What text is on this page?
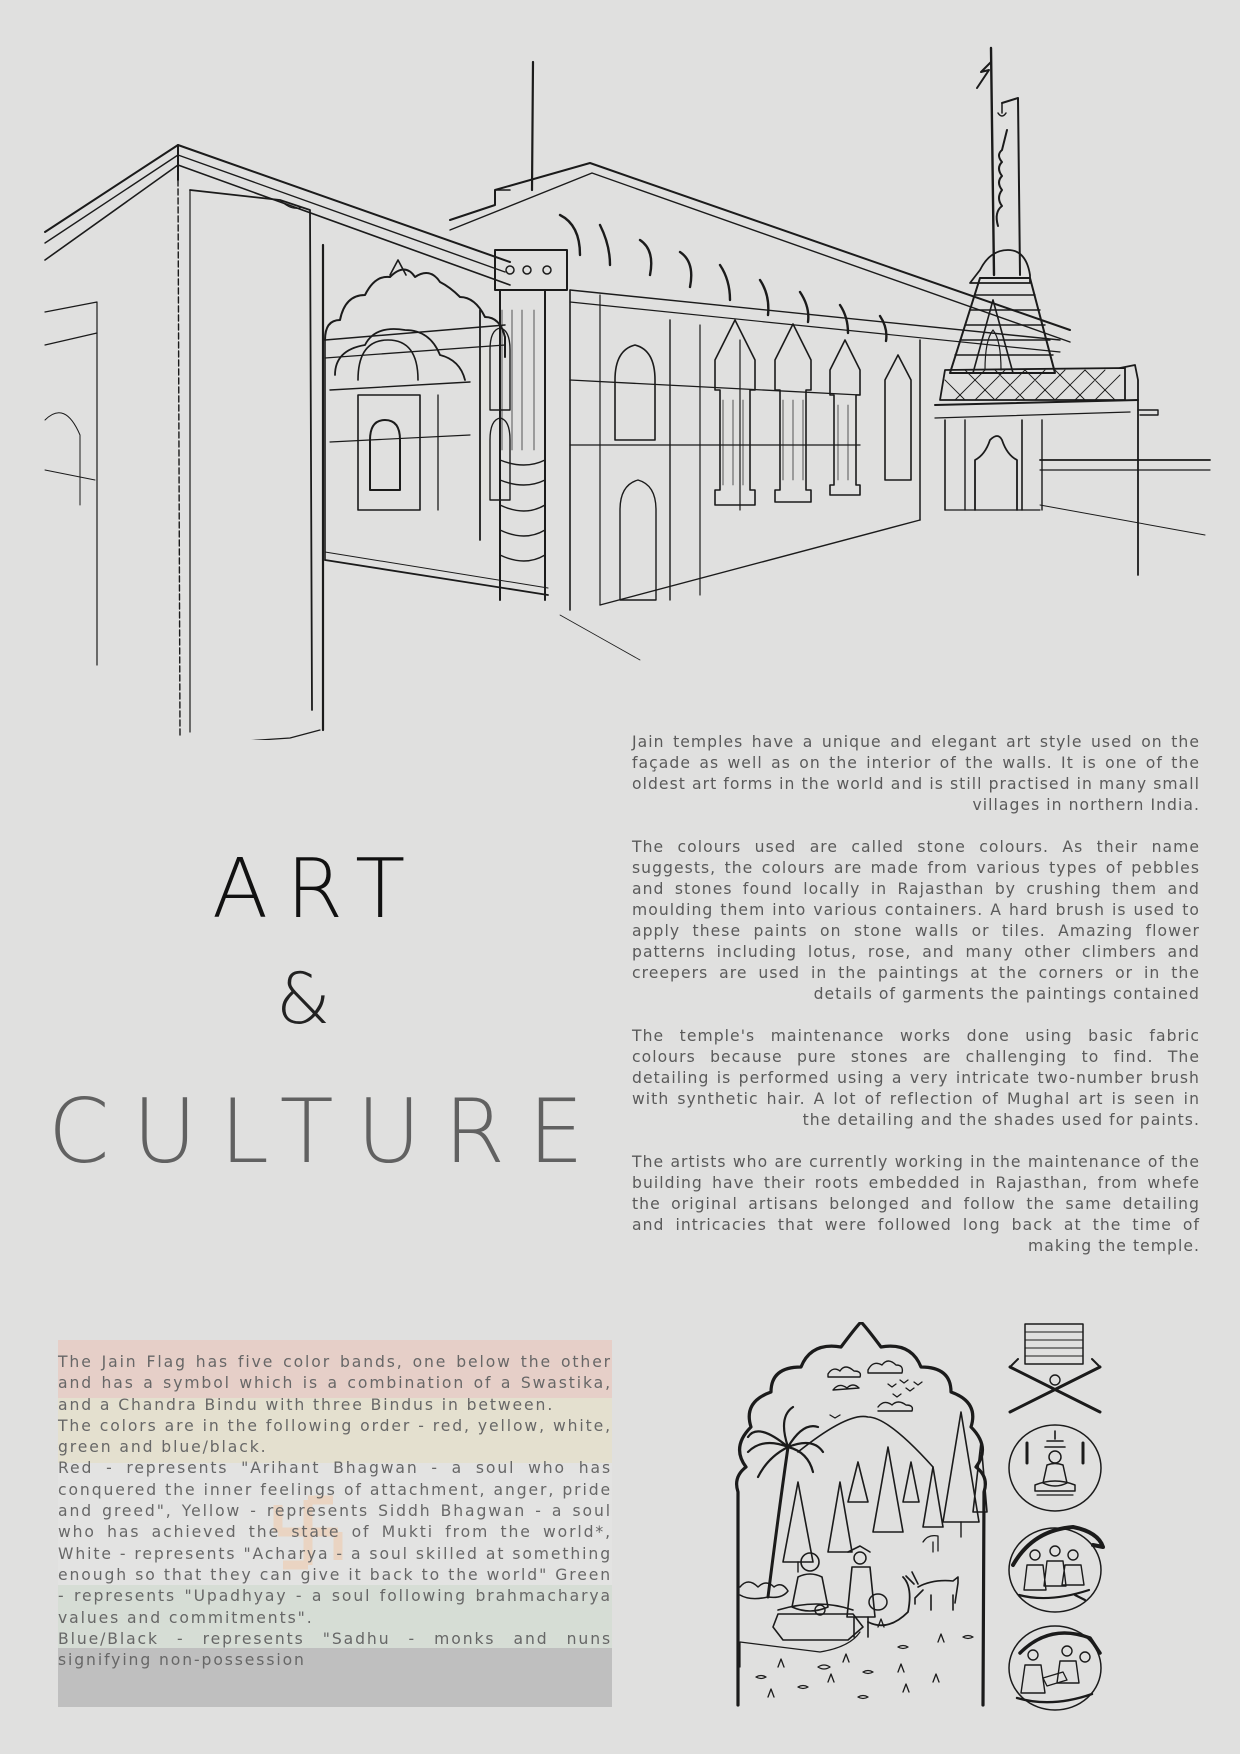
Jain temples have a unique and elegant art style used on the façade as well as on the interior of the walls. It is one of the oldest art forms in the world and is still practised in many small villages in northern India.

The colours used are called stone colours. As their name suggests, the colours are made from various types of pebbles and stones found locally in Rajasthan by crushing them and moulding them into various containers. A hard brush is used to apply these paints on stone walls or tiles. Amazing flower patterns including lotus, rose, and many other climbers and creepers are used in the paintings at the corners or in the details of garments the paintings contained

The temple's maintenance works done using basic fabric colours because pure stones are challenging to find. The detailing is performed using a very intricate two-number brush with synthetic hair. A lot of reflection of Mughal art is seen in the detailing and the shades used for paints.

The artists who are currently working in the maintenance of the building have their roots embedded in Rajasthan, from whefe the original artisans belonged and follow the same detailing and intricacies that were followed long back at the time of making the temple.

ART
&
CULTURE
The Jain Flag has five color bands, one below the other and has a symbol which is a combination of a Swastika, and a Chandra Bindu with three Bindus in between.
The colors are in the following order - red, yellow, white, green and blue/black.
Red - represents "Arihant Bhagwan - a soul who has conquered the inner feelings of attachment, anger, pride and greed", Yellow - represents Siddh Bhagwan - a soul who has achieved the state of Mukti from the world*, White - represents "Acharya - a soul skilled at something enough so that they can give it back to the world" Green - represents "Upadhyay - a soul following brahmacharya values and commitments".
Blue/Black - represents "Sadhu - monks and nuns signifying non-possession
